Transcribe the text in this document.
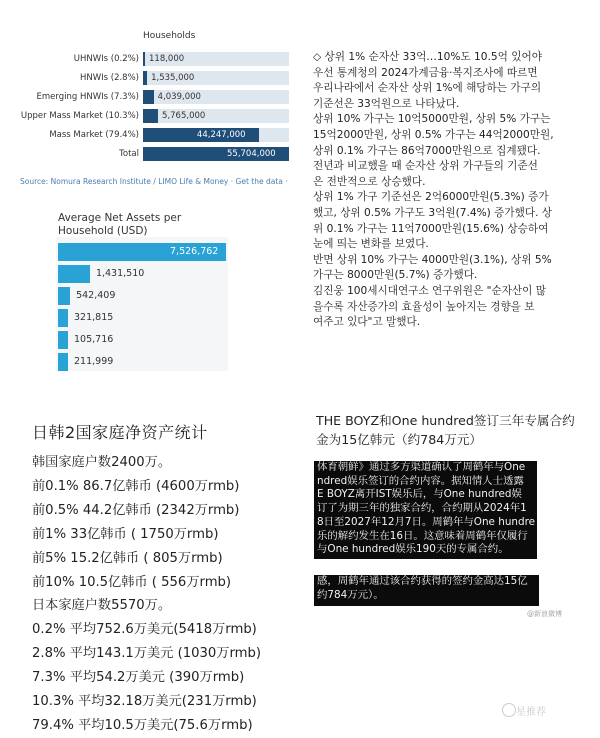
Households
UHNWIs (0.2%) 118,000
HNWIs (2.8%) 1,535,000
Emerging HNWIs (7.3%) 4,039,000
Upper Mass Market (10.3%)	5,765,000
Mass Market (79.4%)	44,247,000
Total	55,704,000
Source: Nomura Research Institute / LIMO Life & Money · Get the data ·
Average Net Assets per
Household (USD)
7,526,762
1,431,510
542,409
321,815
105,716
211,999
◇ 상위 1% 순자산 33억…10%도 10.5억 있어야
우선 통계청의 2024가계금융·복지조사에 따르면
우리나라에서 순자산 상위 1%에 해당하는 가구의
기준선은 33억원으로 나타났다.
상위 10% 가구는 10억5000만원, 상위 5% 가구는
15억2000만원, 상위 0.5% 가구는 44억2000만원,
상위 0.1% 가구는 86억7000만원으로 집계됐다.
전년과 비교했을 때 순자산 상위 가구들의 기준선
은 전반적으로 상승했다.
상위 1% 가구 기준선은 2억6000만원(5.3%) 증가
했고, 상위 0.5% 가구도 3억원(7.4%) 증가했다. 상
위 0.1% 가구는 11억7000만원(15.6%) 상승하여
눈에 띄는 변화를 보였다.
반면 상위 10% 가구는 4000만원(3.1%), 상위 5%
가구는 8000만원(5.7%) 증가했다.
김진웅 100세시대연구소 연구위원은 "순자산이 많
을수록 자산증가의 효율성이 높아지는 경향을 보
여주고 있다"고 말했다.
日韩2国家庭净资产统计
韩国家庭户数2400万。
前0.1% 86.7亿韩币 (4600万rmb)
前0.5% 44.2亿韩币 (2342万rmb)
前1% 33亿韩币 ( 1750万rmb)
前5% 15.2亿韩币 ( 805万rmb)
前10% 10.5亿韩币 ( 556万rmb)
日本家庭户数5570万。
0.2% 平均752.6万美元(5418万rmb)
2.8% 平均143.1万美元 (1030万rmb)
7.3% 平均54.2万美元 (390万rmb)
10.3% 平均32.18万美元(231万rmb)
79.4% 平均10.5万美元(75.6万rmb)
THE BOYZ和One hundred签订三年专属合约
金为15亿韩元（约784万元）
体育朝鲜》通过多方渠道确认了周鹤年与One
ndred娱乐签订的合约内容。据知情人士透露
E BOYZ离开IST娱乐后，与One hundred娱
订了为期三年的独家合约，合约期从2024年1
8日至2027年12月7日。周鹤年与One hundre
乐的解约发生在16日。这意味着周鹤年仅履行
与One hundred娱乐190天的专属合约。
感，周鹤年通过该合约获得的签约金高达15亿
约784万元）。
@新浪微博
星推荐
